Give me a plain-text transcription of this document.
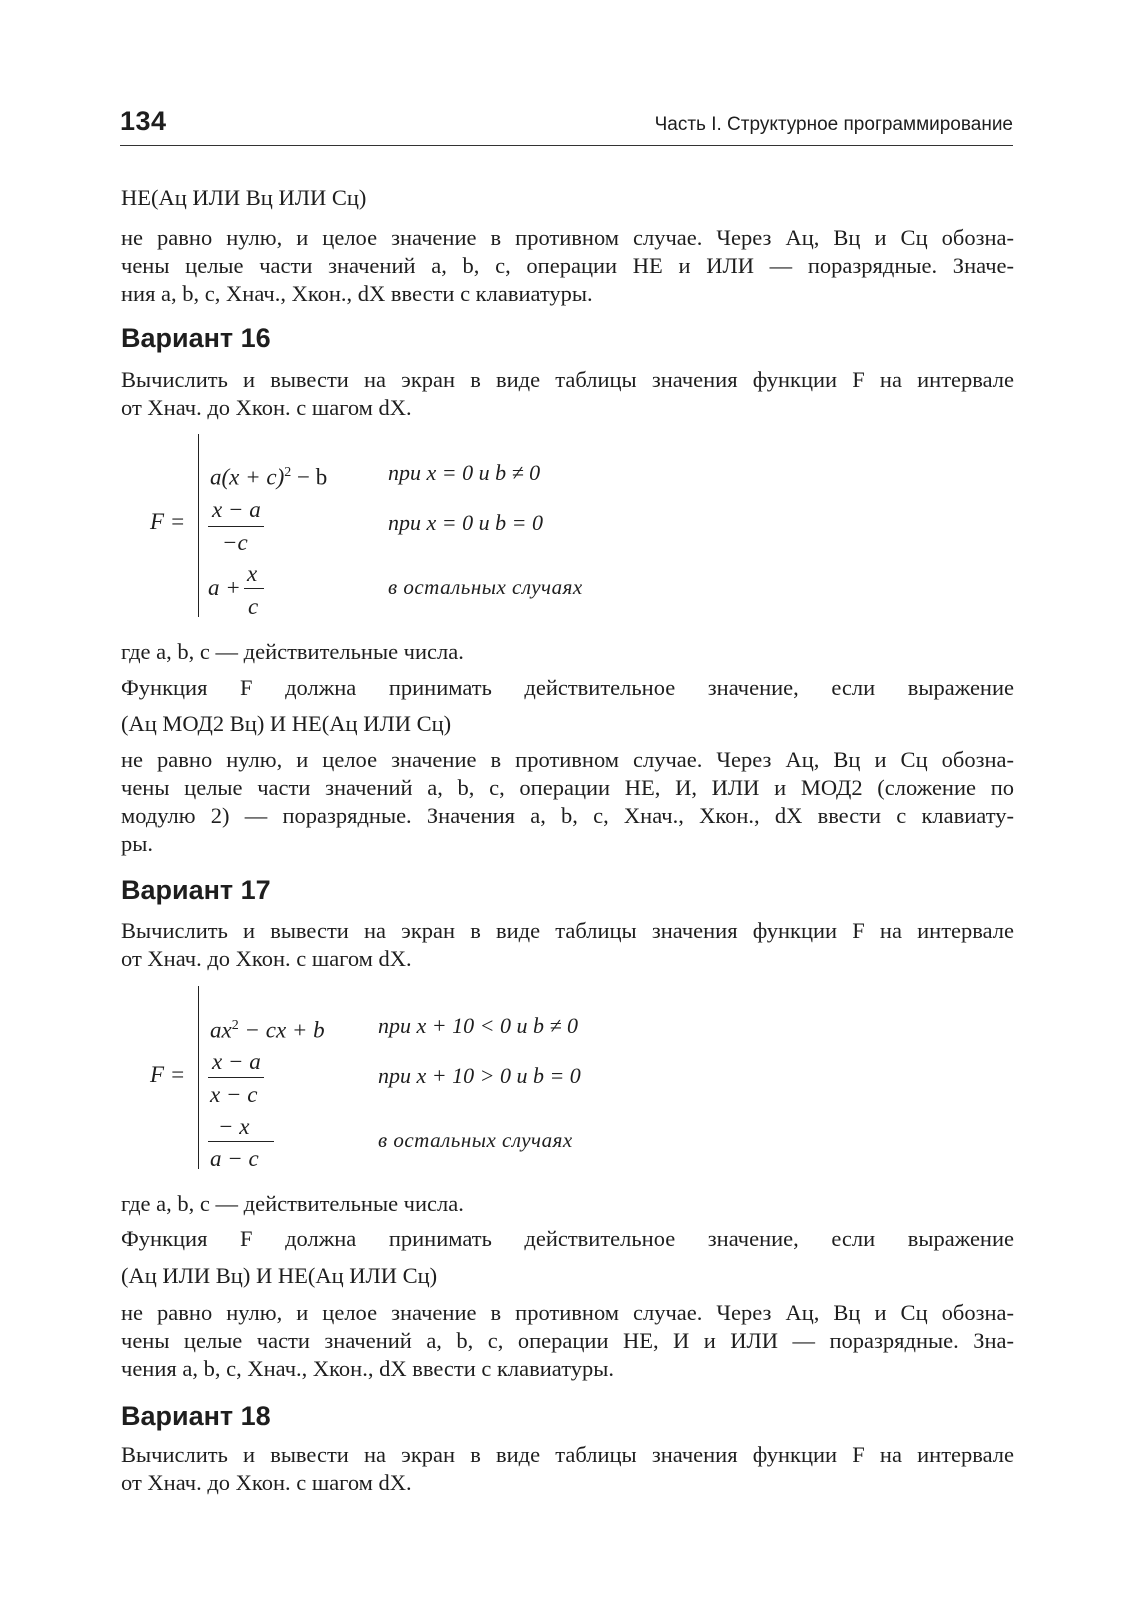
134	Часть I. Структурное программирование
НЕ(Ац ИЛИ Вц ИЛИ Сц)
не равно нулю, и целое значение в противном случае. Через Ац, Вц и Сц обозна-
чены целые части значений a, b, c, операции НЕ и ИЛИ — поразрядные. Значе-
ния a, b, c, Хнач., Хкон., dX ввести с клавиатуры.
Вариант 16
Вычислить и вывести на экран в виде таблицы значения функции F на интервале
от Хнач. до Хкон. с шагом dX.
F =
$a(x + c)^2 - b$	при x = 0 и b ≠ 0
x − a
−c
при x = 0 и b = 0
a +
x
c
в остальных случаях
где a, b, c — действительные числа.
Функция F должна принимать действительное значение, если выражение
(Ац МОД2 Вц) И НЕ(Ац ИЛИ Сц)
не равно нулю, и целое значение в противном случае. Через Ац, Вц и Сц обозна-
чены целые части значений a, b, c, операции НЕ, И, ИЛИ и МОД2 (сложение по
модулю 2) — поразрядные. Значения a, b, c, Хнач., Хкон., dX ввести с клавиату-
ры.
Вариант 17
Вычислить и вывести на экран в виде таблицы значения функции F на интервале
от Хнач. до Хкон. с шагом dX.
F =
$ax^2$ − cx + b при x + 10 < 0 и b ≠ 0
x − a
x − c
при x + 10 > 0 и b = 0
− x
a − c
в остальных случаях
где a, b, c — действительные числа.
Функция F должна принимать действительное значение, если выражение
(Ац ИЛИ Вц) И НЕ(Ац ИЛИ Сц)
не равно нулю, и целое значение в противном случае. Через Ац, Вц и Сц обозна-
чены целые части значений a, b, c, операции НЕ, И и ИЛИ — поразрядные. Зна-
чения a, b, c, Хнач., Хкон., dX ввести с клавиатуры.
Вариант 18
Вычислить и вывести на экран в виде таблицы значения функции F на интервале
от Хнач. до Хкон. с шагом dX.
